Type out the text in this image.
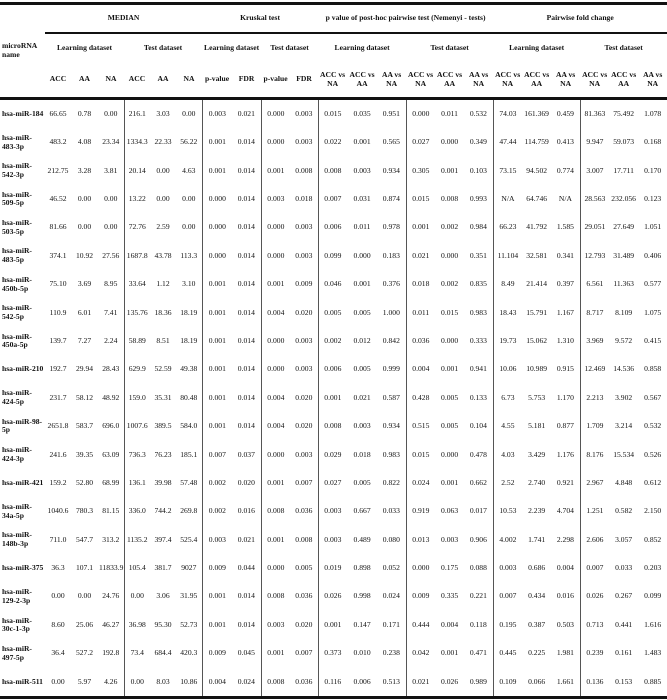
microRNA name	MEDIAN						Kruskal test				p value of post-hoc pairwise test (Nemenyi - tests)						Pairwise fold change					
	Learning dataset			Test dataset			Learning dataset		Test dataset		Learning dataset			Test dataset			Learning dataset			Test dataset		
	ACC	AA	NA	ACC	AA	NA	p-value	FDR	p-value	FDR	ACC vs NA	ACC vs AA	AA vs NA	ACC vs NA	ACC vs AA	AA vs NA	ACC vs NA	ACC vs AA	AA vs NA	ACC vs NA	ACC vs AA	AA vs NA
hsa-miR-184	66.65	0.78	0.00	216.1	3.03	0.00	0.003	0.021	0.000	0.003	0.015	0.035	0.951	0.000	0.011	0.532	74.03	161.369	0.459	81.363	75.492	1.078
hsa-miR-483-3p	483.2	4.08	23.34	1334.3	22.33	56.22	0.001	0.014	0.000	0.003	0.022	0.001	0.565	0.027	0.000	0.349	47.44	114.759	0.413	9.947	59.073	0.168
hsa-miR-542-3p	212.75	3.28	3.81	20.14	0.00	4.63	0.001	0.014	0.001	0.008	0.008	0.003	0.934	0.305	0.001	0.103	73.15	94.502	0.774	3.007	17.711	0.170
hsa-miR-509-5p	46.52	0.00	0.00	13.22	0.00	0.00	0.000	0.014	0.003	0.018	0.007	0.031	0.874	0.015	0.008	0.993	N/A	64.746	N/A	28.563	232.056	0.123
hsa-miR-503-5p	81.66	0.00	0.00	72.76	2.59	0.00	0.000	0.014	0.000	0.003	0.006	0.011	0.978	0.001	0.002	0.984	66.23	41.792	1.585	29.051	27.649	1.051
hsa-miR-483-5p	374.1	10.92	27.56	1687.8	43.78	113.3	0.000	0.014	0.000	0.003	0.099	0.000	0.183	0.021	0.000	0.351	11.104	32.581	0.341	12.793	31.489	0.406
hsa-miR-450b-5p	75.10	3.69	8.95	33.64	1.12	3.10	0.001	0.014	0.001	0.009	0.046	0.001	0.376	0.018	0.002	0.835	8.49	21.414	0.397	6.561	11.363	0.577
hsa-miR-542-5p	110.9	6.01	7.41	135.76	18.36	18.19	0.001	0.014	0.004	0.020	0.005	0.005	1.000	0.011	0.015	0.983	18.43	15.791	1.167	8.717	8.109	1.075
hsa-miR-450a-5p	139.7	7.27	2.24	58.89	8.51	18.19	0.001	0.014	0.000	0.003	0.002	0.012	0.842	0.036	0.000	0.333	19.73	15.062	1.310	3.969	9.572	0.415
hsa-miR-210	192.7	29.94	28.43	629.9	52.59	49.38	0.001	0.014	0.000	0.003	0.006	0.005	0.999	0.004	0.001	0.941	10.06	10.989	0.915	12.469	14.536	0.858
hsa-miR-424-5p	231.7	58.12	48.92	159.0	35.31	80.48	0.001	0.014	0.004	0.020	0.001	0.021	0.587	0.428	0.005	0.133	6.73	5.753	1.170	2.213	3.902	0.567
hsa-miR-98-5p	2651.8	583.7	696.0	1007.6	389.5	584.0	0.001	0.014	0.004	0.020	0.008	0.003	0.934	0.515	0.005	0.104	4.55	5.181	0.877	1.709	3.214	0.532
hsa-miR-424-3p	241.6	39.35	63.09	736.3	76.23	185.1	0.007	0.037	0.000	0.003	0.029	0.018	0.983	0.015	0.000	0.478	4.03	3.429	1.176	8.176	15.534	0.526
hsa-miR-421	159.2	52.80	68.99	136.1	39.98	57.48	0.002	0.020	0.001	0.007	0.027	0.005	0.822	0.024	0.001	0.662	2.52	2.740	0.921	2.967	4.848	0.612
hsa-miR-34a-5p	1040.6	780.3	81.15	336.0	744.2	269.8	0.002	0.016	0.008	0.036	0.003	0.667	0.033	0.919	0.063	0.017	10.53	2.239	4.704	1.251	0.582	2.150
hsa-miR-148b-3p	711.0	547.7	313.2	1135.2	397.4	525.4	0.003	0.021	0.001	0.008	0.003	0.489	0.080	0.013	0.003	0.906	4.002	1.741	2.298	2.606	3.057	0.852
hsa-miR-375	36.3	107.1	11833.9	105.4	381.7	9027	0.009	0.044	0.000	0.005	0.019	0.898	0.052	0.000	0.175	0.088	0.003	0.686	0.004	0.007	0.033	0.203
hsa-miR-129-2-3p	0.00	0.00	24.76	0.00	3.06	31.95	0.001	0.014	0.008	0.036	0.026	0.998	0.024	0.009	0.335	0.221	0.007	0.434	0.016	0.026	0.267	0.099
hsa-miR-30c-1-3p	8.60	25.06	46.27	36.98	95.30	52.73	0.001	0.014	0.003	0.020	0.001	0.147	0.171	0.444	0.004	0.118	0.195	0.387	0.503	0.713	0.441	1.616
hsa-miR-497-5p	36.4	527.2	192.8	73.4	684.4	420.3	0.009	0.045	0.001	0.007	0.373	0.010	0.238	0.042	0.001	0.471	0.445	0.225	1.981	0.239	0.161	1.483
hsa-miR-511	0.00	5.97	4.26	0.00	8.03	10.86	0.004	0.024	0.008	0.036	0.116	0.006	0.513	0.021	0.026	0.989	0.109	0.066	1.661	0.136	0.153	0.885
